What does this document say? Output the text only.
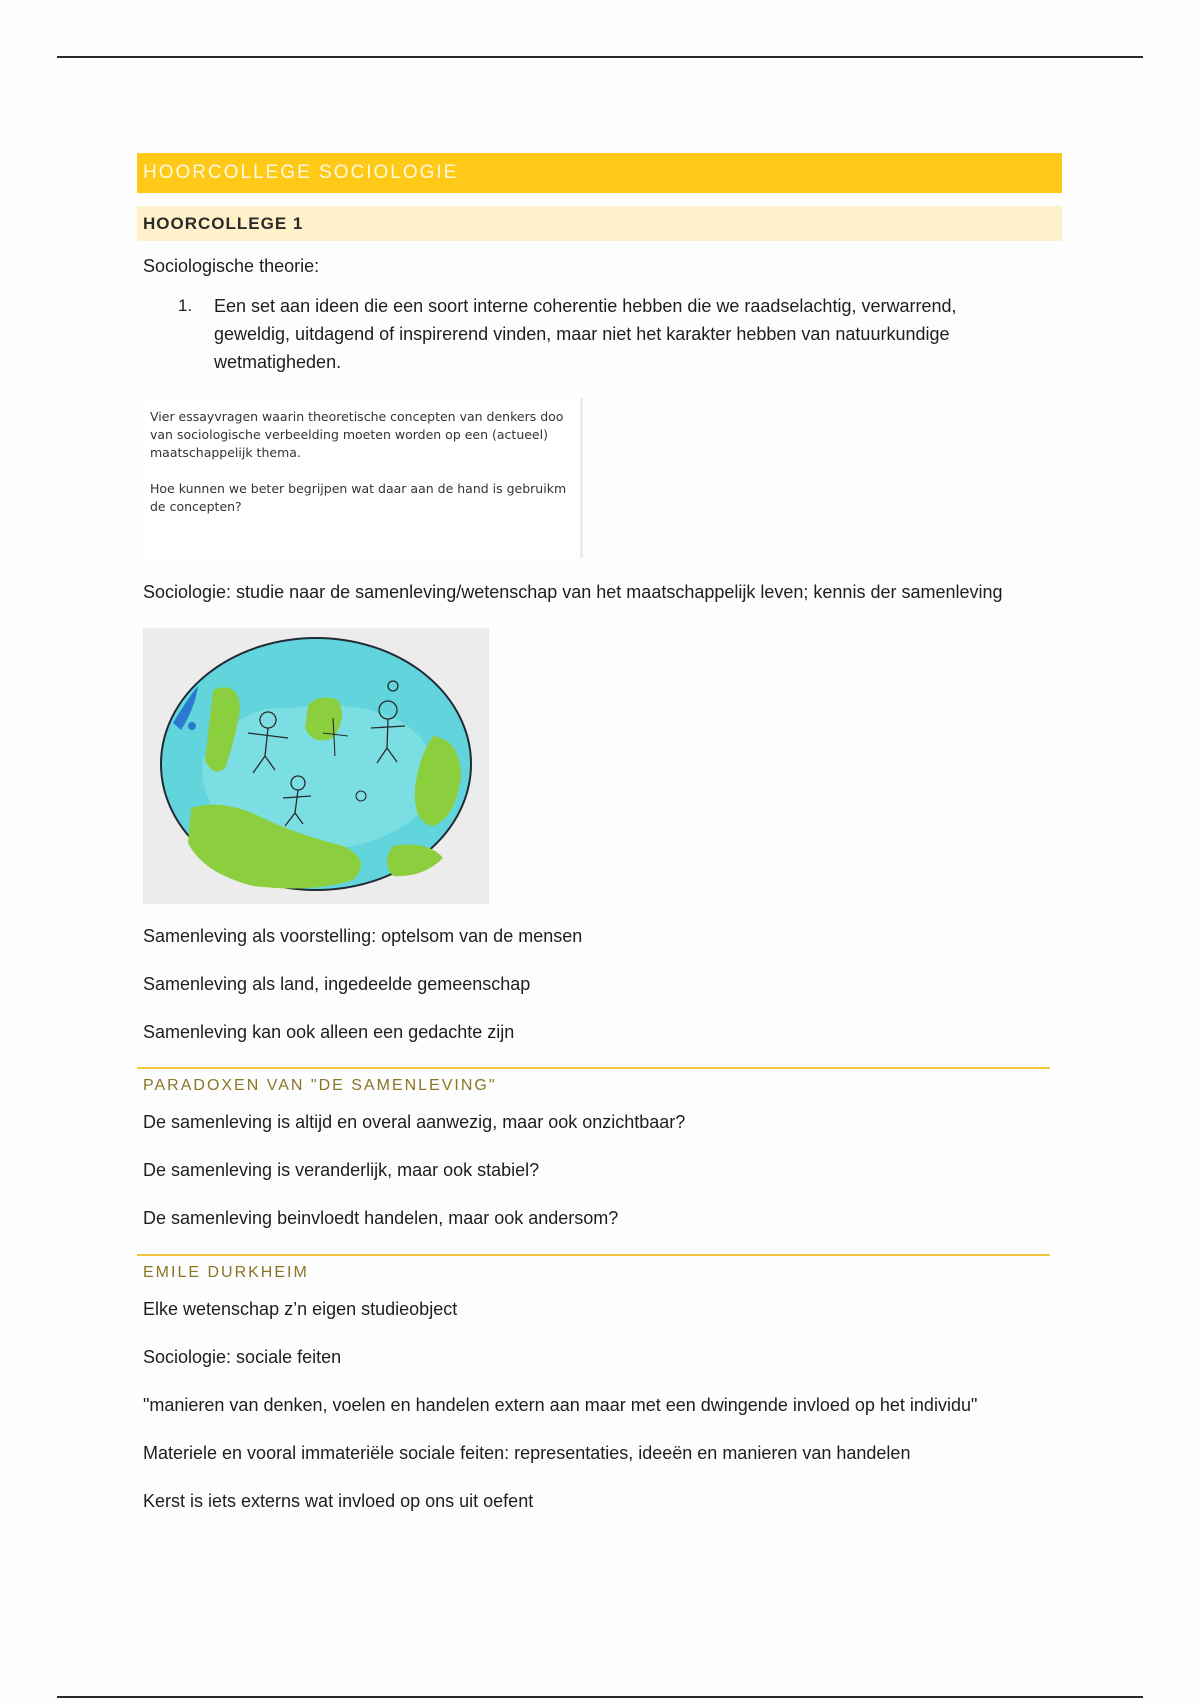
HOORCOLLEGE SOCIOLOGIE
HOORCOLLEGE 1

Sociologische theorie:

1. Een set aan ideen die een soort interne coherentie hebben die we raadselachtig, verwarrend, geweldig, uitdagend of inspirerend vinden, maar niet het karakter hebben van natuurkundige wetmatigheden.
Vier essayvragen waarin theoretische concepten van denkers doo
van sociologische verbeelding moeten worden op een (actueel)
maatschappelijk thema.
Hoe kunnen we beter begrijpen wat daar aan de hand is gebruikm
de concepten?

Sociologie: studie naar de samenleving/wetenschap van het maatschappelijk leven; kennis der samenleving

Samenleving als voorstelling: optelsom van de mensen

Samenleving als land, ingedeelde gemeenschap

Samenleving kan ook alleen een gedachte zijn

PARADOXEN VAN "DE SAMENLEVING"

De samenleving is altijd en overal aanwezig, maar ook onzichtbaar?

De samenleving is veranderlijk, maar ook stabiel?

De samenleving beinvloedt handelen, maar ook andersom?

EMILE DURKHEIM

Elke wetenschap z’n eigen studieobject

Sociologie: sociale feiten

"manieren van denken, voelen en handelen extern aan maar met een dwingende invloed op het individu"

Materiele en vooral immateriële sociale feiten: representaties, ideeën en manieren van handelen

Kerst is iets externs wat invloed op ons uit oefent
